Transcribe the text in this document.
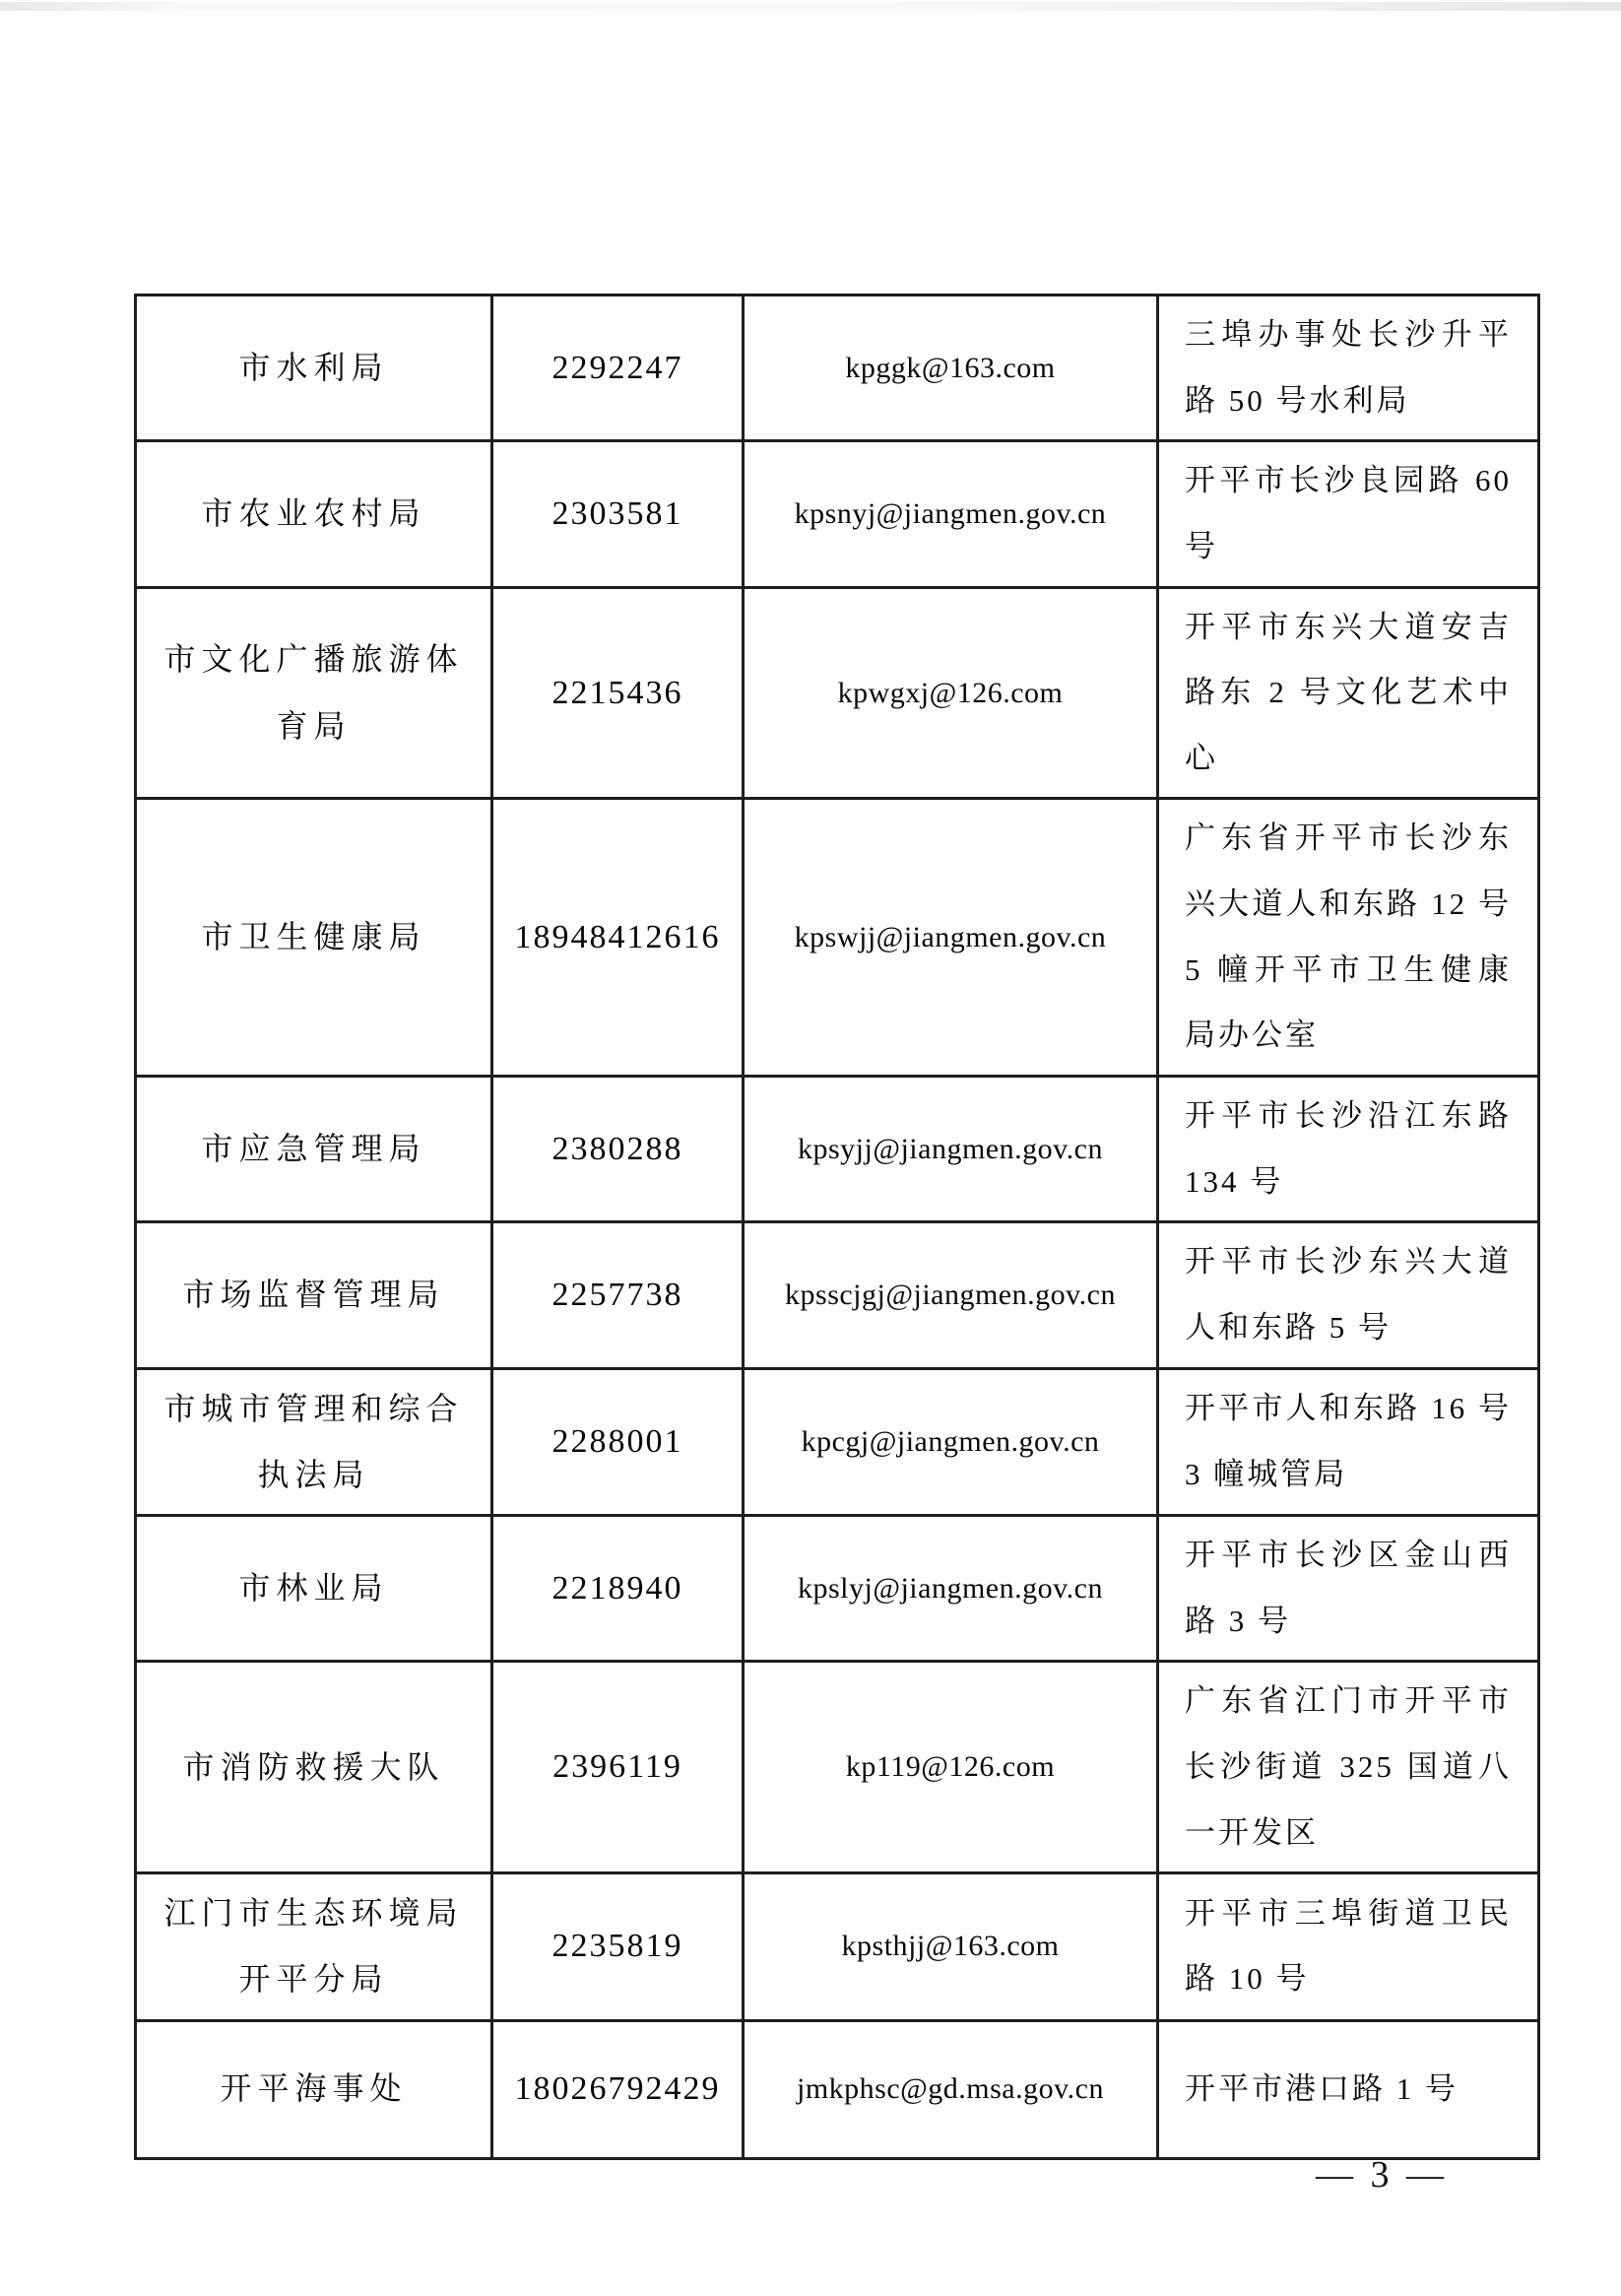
市水利局	2292247	kpggk@163.com	三埠办事处长沙升平路 50 号水利局
市农业农村局	2303581	kpsnyj@jiangmen.gov.cn	开平市长沙良园路 60 号
市文化广播旅游体育局	2215436	kpwgxj@126.com	开平市东兴大道安吉路东 2 号文化艺术中心
市卫生健康局	18948412616	kpswjj@jiangmen.gov.cn	广东省开平市长沙东兴大道人和东路 12 号 5 幢开平市卫生健康局办公室
市应急管理局	2380288	kpsyjj@jiangmen.gov.cn	开平市长沙沿江东路 134 号
市场监督管理局	2257738	kpsscjgj@jiangmen.gov.cn	开平市长沙东兴大道人和东路 5 号
市城市管理和综合执法局	2288001	kpcgj@jiangmen.gov.cn	开平市人和东路 16 号 3 幢城管局
市林业局	2218940	kpslyj@jiangmen.gov.cn	开平市长沙区金山西路 3 号
市消防救援大队	2396119	kp119@126.com	广东省江门市开平市长沙街道 325 国道八一开发区
江门市生态环境局开平分局	2235819	kpsthjj@163.com	开平市三埠街道卫民路 10 号
开平海事处	18026792429	jmkphsc@gd.msa.gov.cn	开平市港口路 1 号
— 3 —
